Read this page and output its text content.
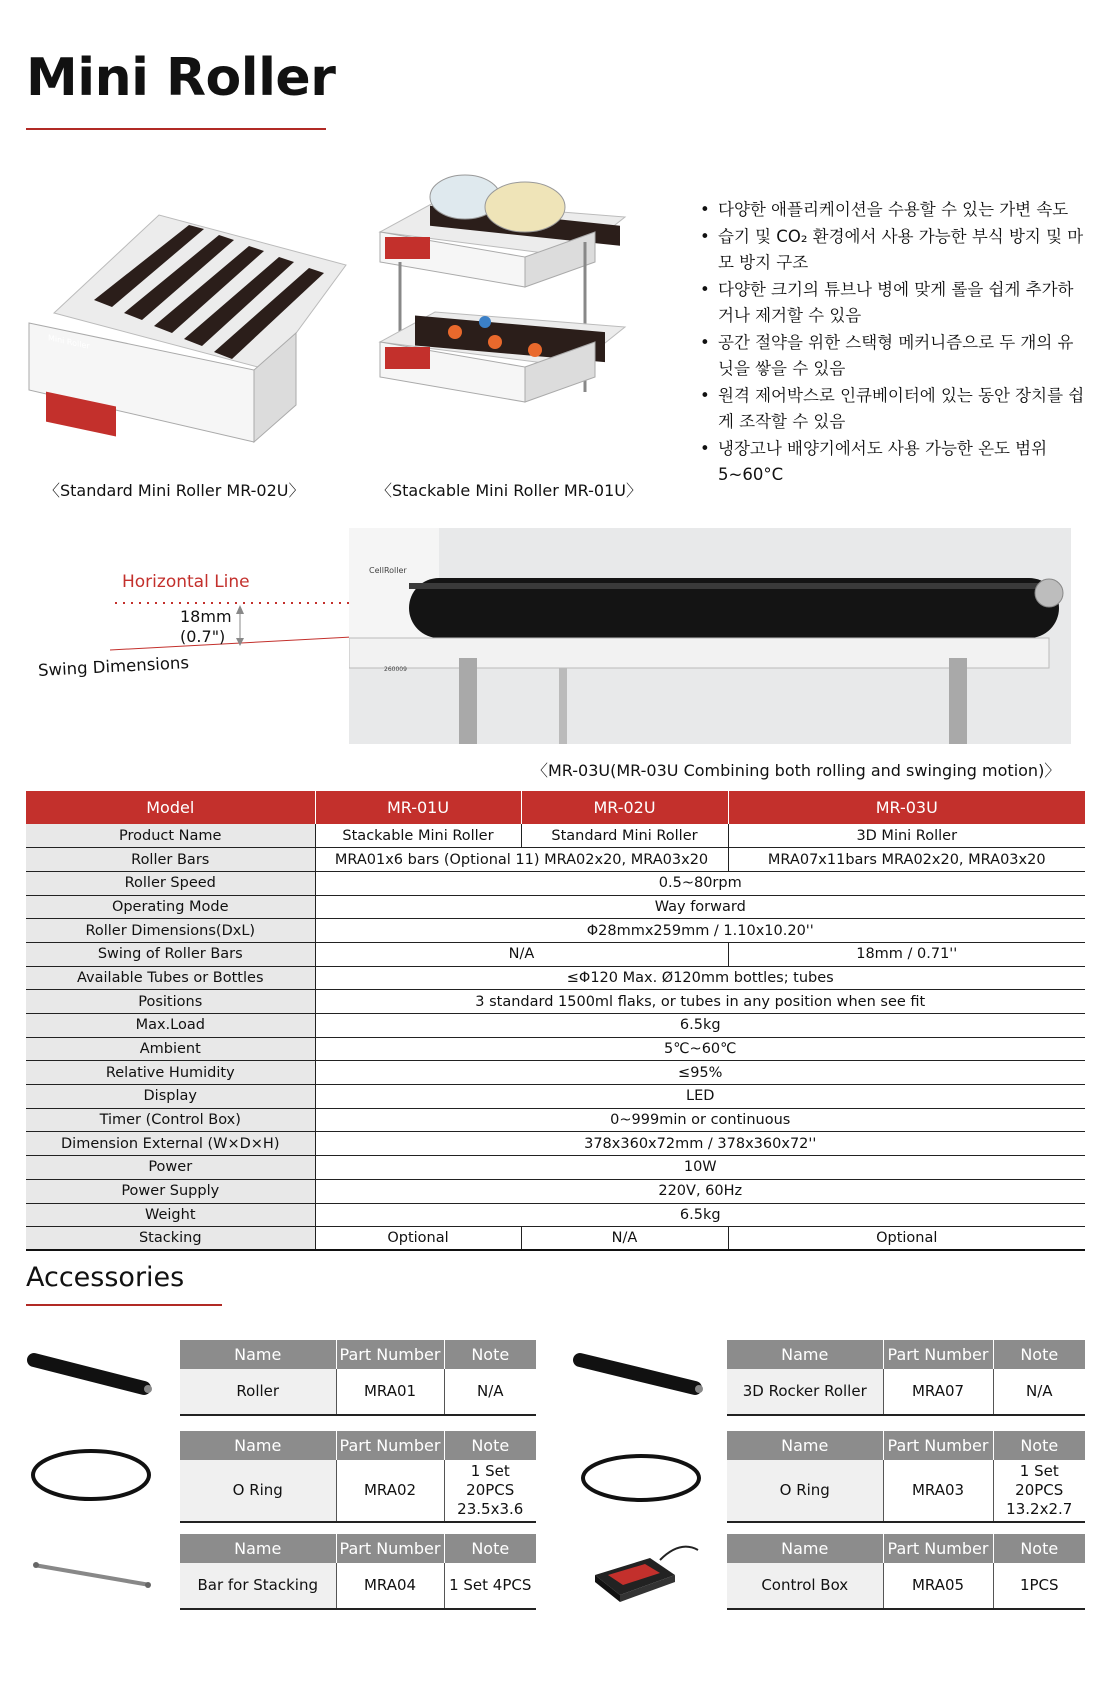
Mini Roller
Mini Roller
〈Standard Mini Roller MR-02U〉	〈Stackable Mini Roller MR-01U〉
• 다양한 애플리케이션을 수용할 수 있는 가변 속도
• 습기 및 CO₂ 환경에서 사용 가능한 부식 방지 및 마모 방지 구조
• 다양한 크기의 튜브나 병에 맞게 롤을 쉽게 추가하거나 제거할 수 있음
• 공간 절약을 위한 스택형 메커니즘으로 두 개의 유닛을 쌓을 수 있음
• 원격 제어박스로 인큐베이터에 있는 동안 장치를 쉽게 조작할 수 있음
• 냉장고나 배양기에서도 사용 가능한 온도 범위 5~60°C
Horizontal Line
18mm
(0.7")
Swing Dimensions
CellRoller
260009
〈MR-03U(MR-03U Combining both rolling and swinging motion)〉
Model	MR-01U	MR-02U	MR-03U
Product Name	Stackable Mini Roller	Standard Mini Roller	3D Mini Roller
Roller Bars	MRA01x6 bars (Optional 11) MRA02x20, MRA03x20		MRA07x11bars MRA02x20, MRA03x20
Roller Speed	0.5~80rpm		
Operating Mode	Way forward		
Roller Dimensions(DxL)	Φ28mmx259mm / 1.10x10.20''		
Swing of Roller Bars	N/A		18mm / 0.71''
Available Tubes or Bottles	≤Φ120 Max. Ø120mm bottles; tubes		
Positions	3 standard 1500ml flaks, or tubes in any position when see fit		
Max.Load	6.5kg		
Ambient	5℃~60℃		
Relative Humidity	≤95%		
Display	LED		
Timer (Control Box)	0~999min or continuous		
Dimension External (W×D×H)	378x360x72mm / 378x360x72''		
Power	10W		
Power Supply	220V, 60Hz		
Weight	6.5kg		
Stacking	Optional	N/A	Optional
Accessories
Name	Part Number	Note
Roller	MRA01	N/A
Name	Part Number	Note
3D Rocker Roller	MRA07	N/A
Name	Part Number	Note
O Ring	MRA02	1 Set 20PCS
23.5x3.6
Name	Part Number	Note
O Ring	MRA03	1 Set 20PCS
13.2x2.7
Name	Part Number	Note
Bar for Stacking	MRA04	1 Set 4PCS
Name	Part Number	Note
Control Box	MRA05	1PCS
